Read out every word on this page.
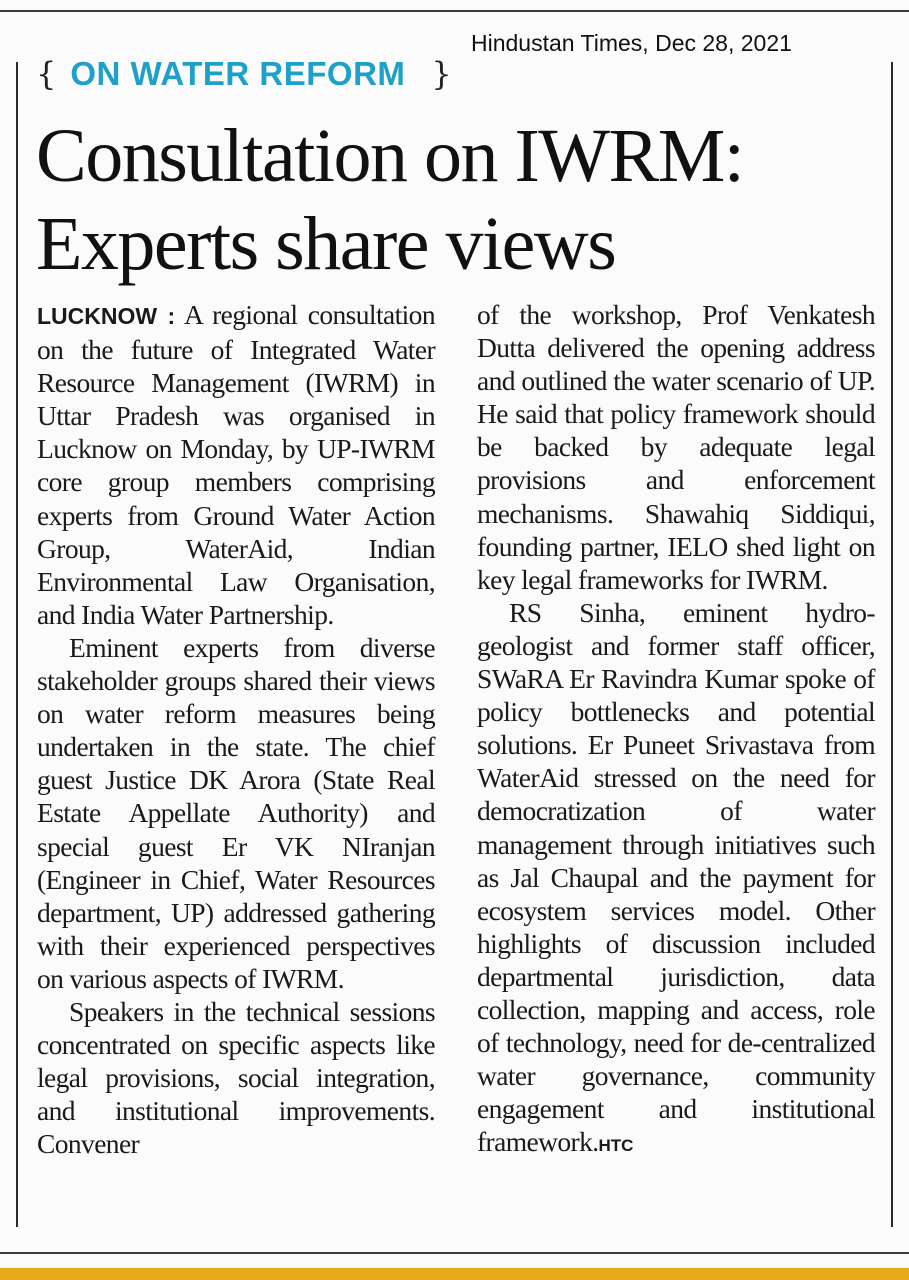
Hindustan Times, Dec 28, 2021
{ ON WATER REFORM }
Consultation on IWRM:
Experts share views

LUCKNOW : A regional consultation on the future of Integrated Water Resource Management (IWRM) in Uttar Pradesh was organised in Lucknow on Monday, by UP-IWRM core group members comprising experts from Ground Water Action Group, WaterAid, Indian Environmental Law Organisation, and India Water Partnership.

Eminent experts from diverse stakeholder groups shared their views on water reform measures being undertaken in the state. The chief guest Justice DK Arora (State Real Estate Appellate Authority) and special guest Er VK NIranjan (Engineer in Chief, Water Resources department, UP) addressed gathering with their experienced perspectives on various aspects of IWRM.

Speakers in the technical sessions concentrated on specific aspects like legal provisions, social integration, and institutional improvements. Convener

of the workshop, Prof Venkatesh Dutta delivered the opening address and outlined the water scenario of UP. He said that policy framework should be backed by adequate legal provisions and enforcement mechanisms. Shawahiq Siddiqui, founding partner, IELO shed light on key legal frameworks for IWRM.

RS Sinha, eminent hydro-geologist and former staff officer, SWaRA Er Ravindra Kumar spoke of policy bottlenecks and potential solutions. Er Puneet Srivastava from WaterAid stressed on the need for democratization of water management through initiatives such as Jal Chaupal and the payment for ecosystem services model. Other highlights of discussion included departmental jurisdiction, data collection, mapping and access, role of technology, need for de-centralized water governance, community engagement and institutional framework.HTC
